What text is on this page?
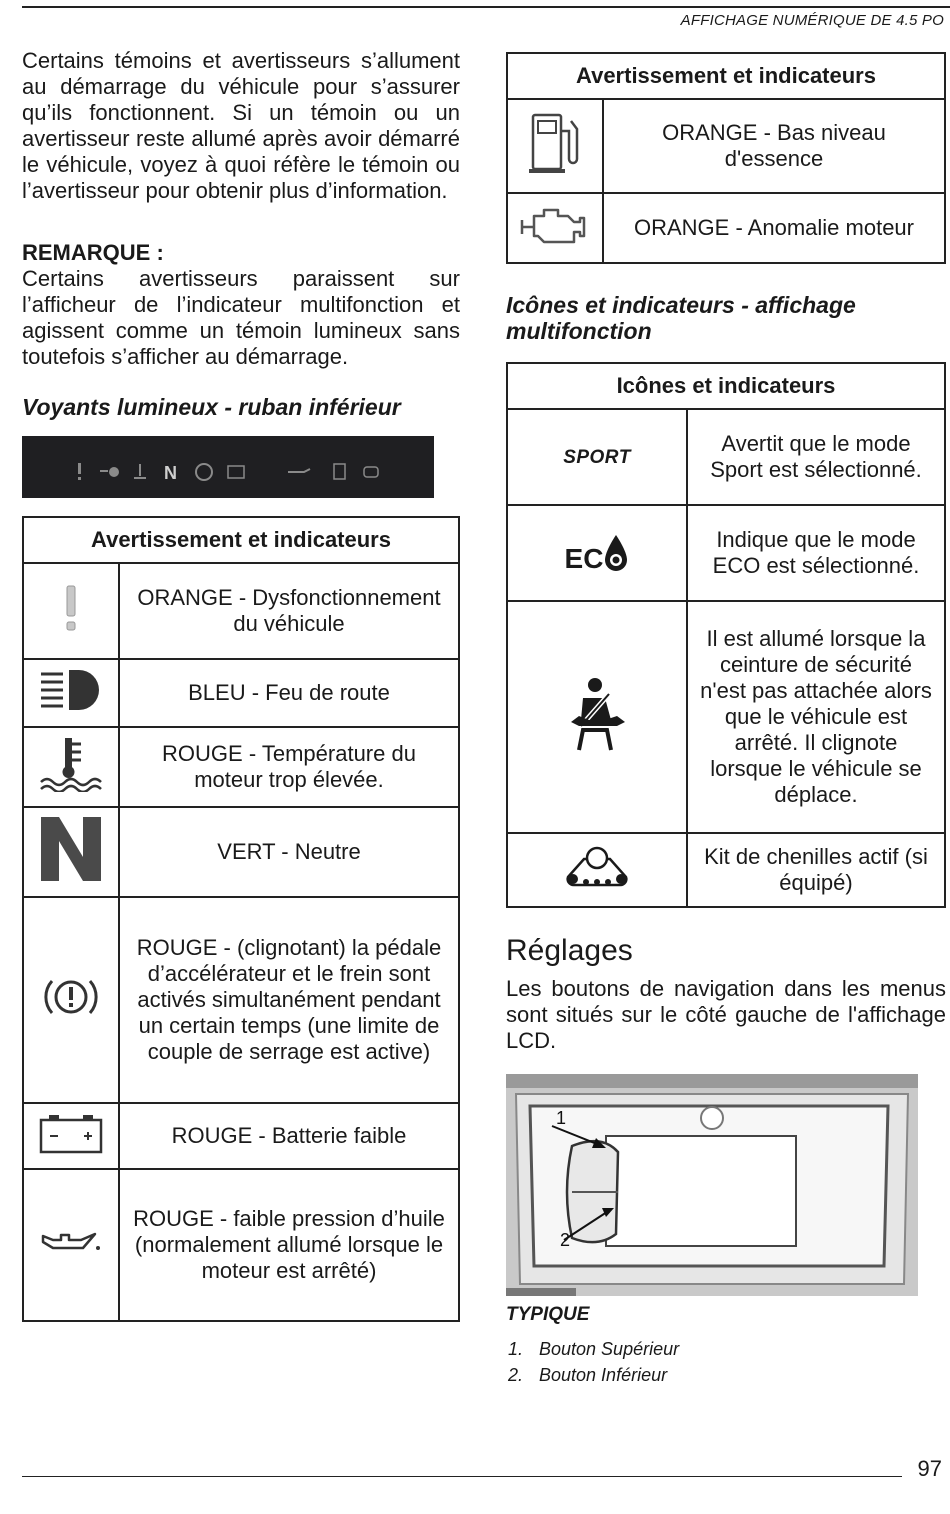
AFFICHAGE NUMÉRIQUE DE 4.5 PO

Certains témoins et avertisseurs s’allument au démarrage du véhicule pour s’assurer qu’ils fonctionnent. Si un témoin ou un avertisseur reste allumé après avoir démarré le véhicule, voyez à quoi réfère le témoin ou l’avertisseur pour obtenir plus d’information.

REMARQUE :

Certains avertisseurs paraissent sur l’afficheur de l’indicateur multifonction et agissent comme un témoin lumineux sans toutefois s’afficher au démarrage.

Voyants lumineux - ruban inférieur
N
Avertissement et indicateurs	
	ORANGE - Dysfonctionnement du véhicule
	BLEU - Feu de route
	ROUGE - Température du moteur trop élevée.
	VERT - Neutre
	ROUGE - (clignotant) la pédale d’accélérateur et le frein sont activés simultanément pendant un certain temps (une limite de couple de serrage est active)
	ROUGE - Batterie faible
	ROUGE - faible pression d’huile (normalement allumé lorsque le moteur est arrêté)
Avertissement et indicateurs	
	ORANGE - Bas niveau d'essence
	ORANGE - Anomalie moteur
Icônes et indicateurs - affichage multifonction
Icônes et indicateurs	
SPORT	Avertit que le mode Sport est sélectionné.

EC	Indique que le mode ECO est sélectionné.
	Il est allumé lorsque la ceinture de sécurité n'est pas attachée alors que le véhicule est arrêté. Il clignote lorsque le véhicule se déplace.
	Kit de chenilles actif (si équipé)
Réglages

Les boutons de navigation dans les menus sont situés sur le côté gauche de l'affichage LCD.

1
2
TYPIQUE
1. Bouton Supérieur
2. Bouton Inférieur
97
